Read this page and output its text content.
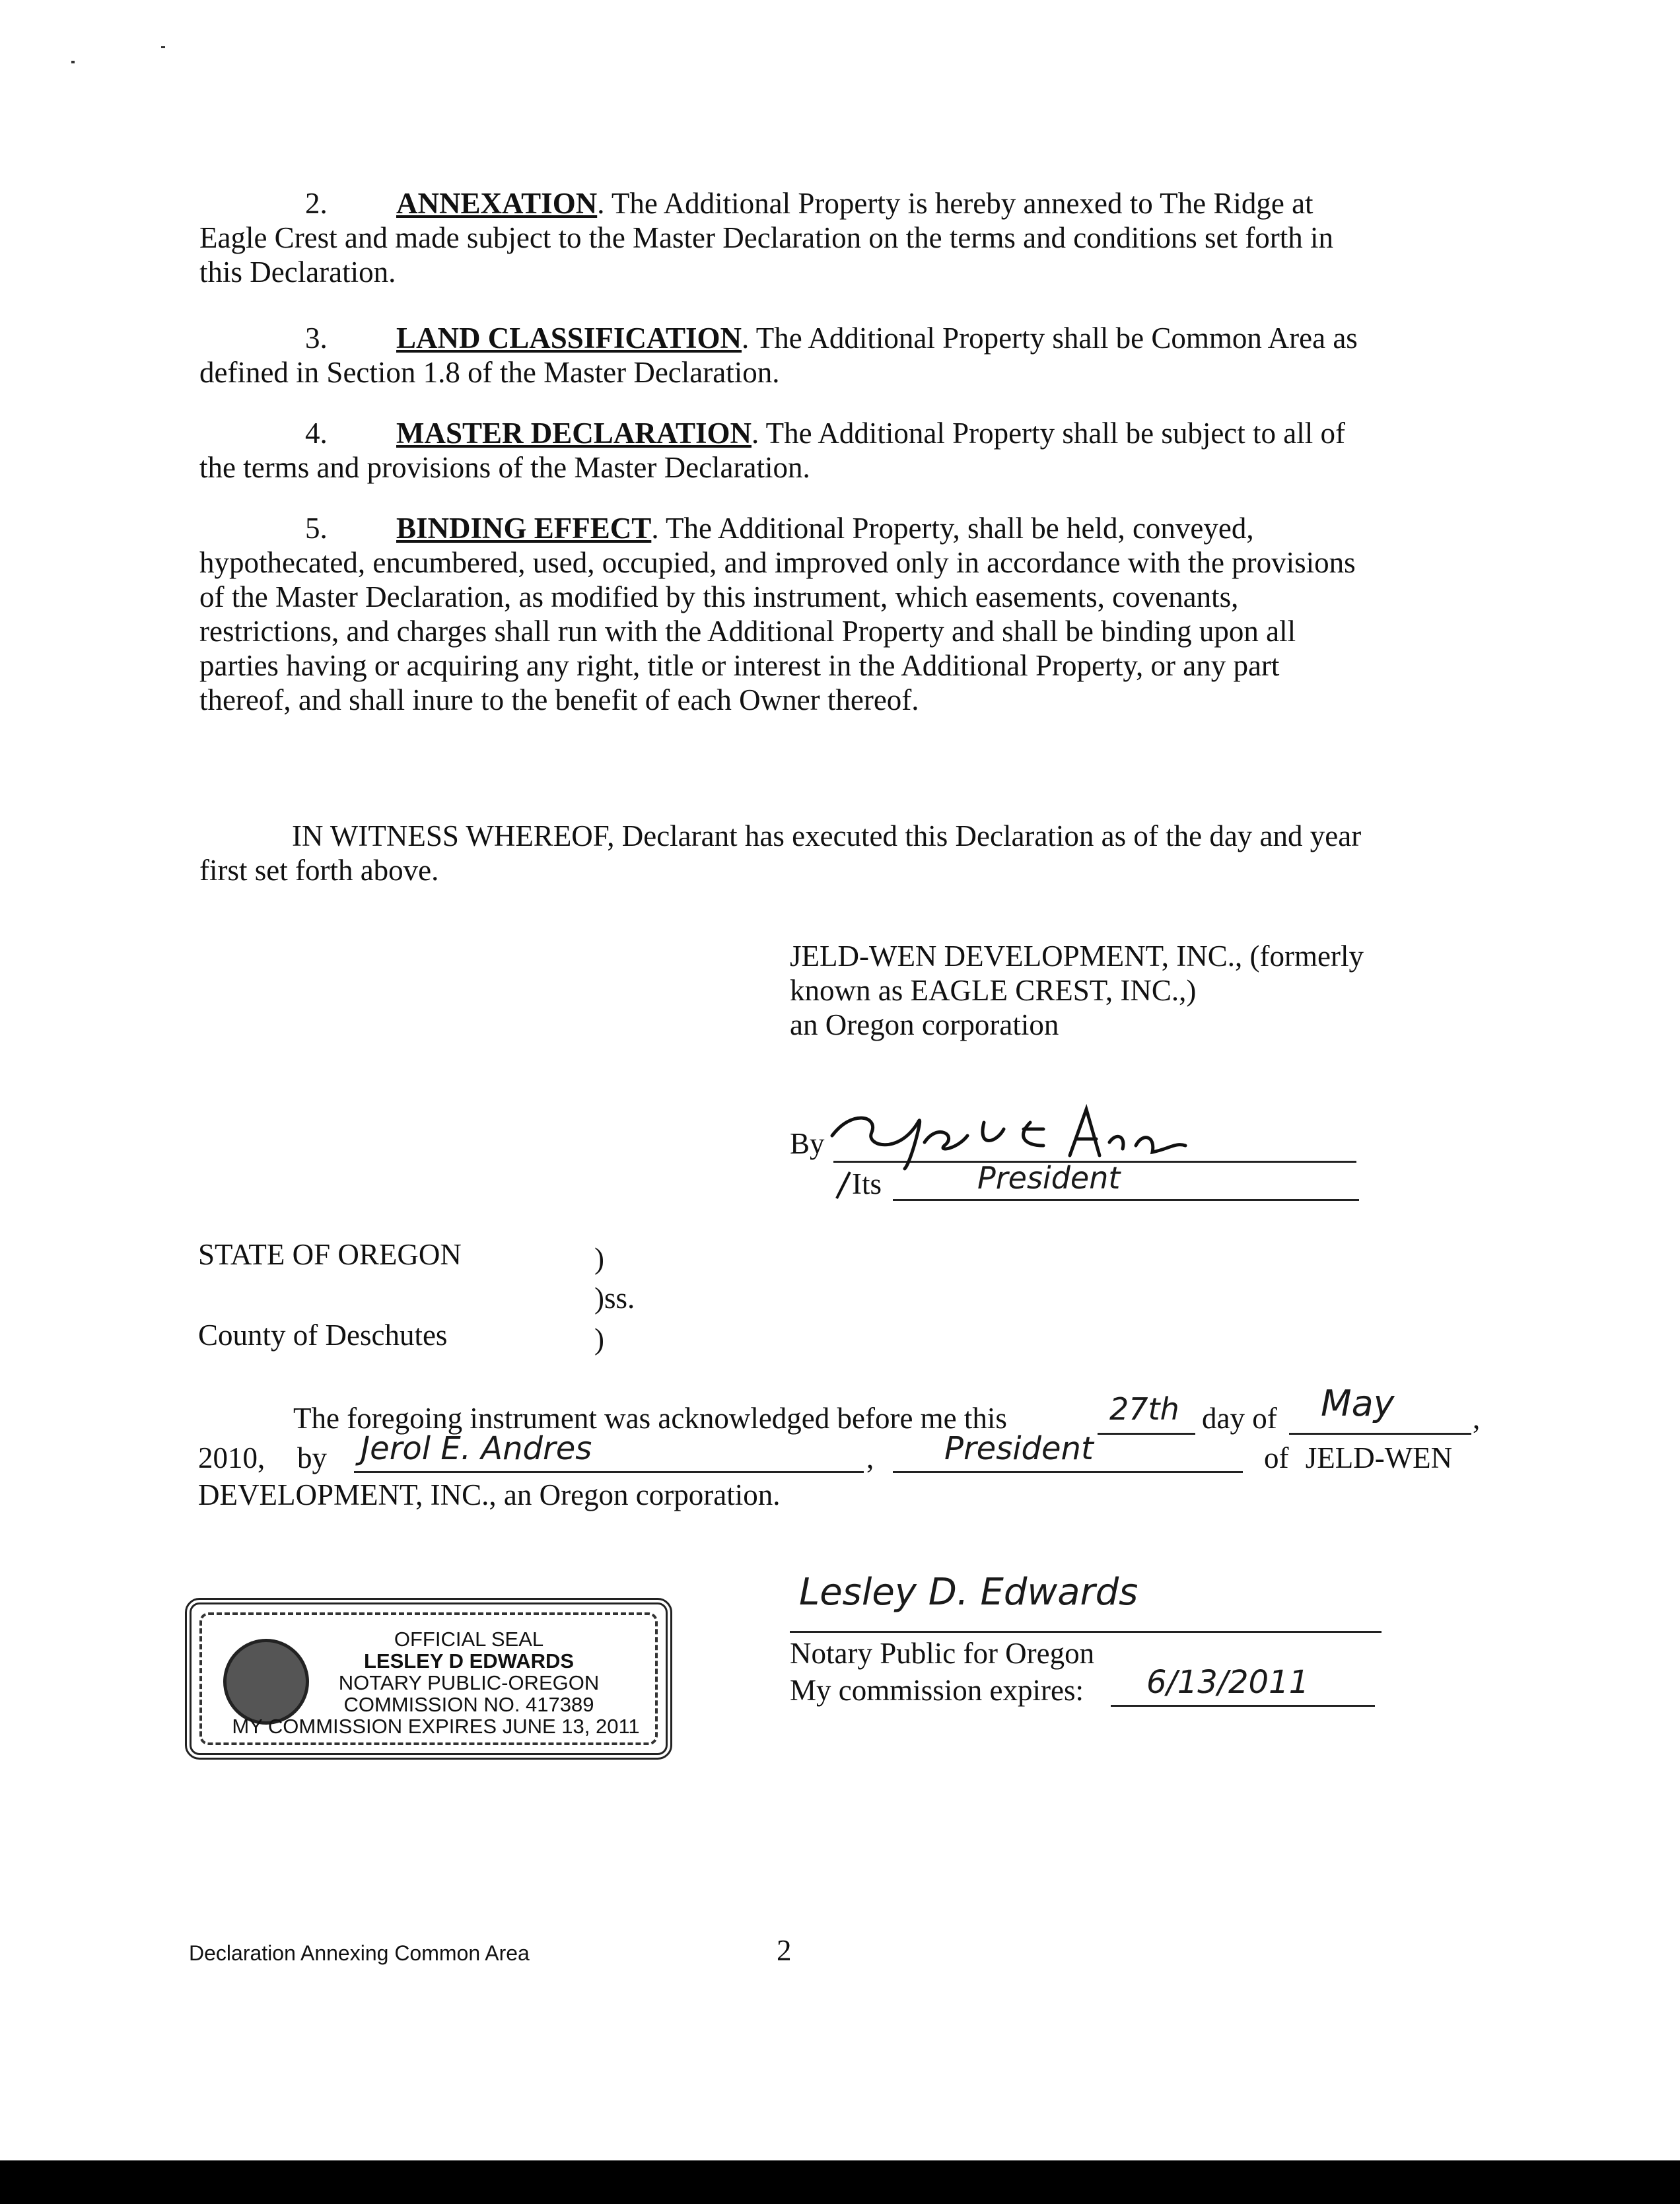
2. ANNEXATION. The Additional Property is hereby annexed to The Ridge at
Eagle Crest and made subject to the Master Declaration on the terms and conditions set forth in
this Declaration.
3. LAND CLASSIFICATION. The Additional Property shall be Common Area as
defined in Section 1.8 of the Master Declaration.
4. MASTER DECLARATION. The Additional Property shall be subject to all of
the terms and provisions of the Master Declaration.
5. BINDING EFFECT. The Additional Property, shall be held, conveyed,
hypothecated, encumbered, used, occupied, and improved only in accordance with the provisions
of the Master Declaration, as modified by this instrument, which easements, covenants,
restrictions, and charges shall run with the Additional Property and shall be binding upon all
parties having or acquiring any right, title or interest in the Additional Property, or any part
thereof, and shall inure to the benefit of each Owner thereof.
IN WITNESS WHEREOF, Declarant has executed this Declaration as of the day and year
first set forth above.
JELD-WEN DEVELOPMENT, INC., (formerly
known as EAGLE CREST, INC.,)
an Oregon corporation
By
Its	President
STATE OF OREGON
County of Deschutes
)
)ss.
)
The foregoing instrument was acknowledged before me this	27th day of May	,
2010, by Jerol E. Andres	, President	of JELD-WEN
DEVELOPMENT, INC., an Oregon corporation.
OFFICIAL SEAL
LESLEY D EDWARDS
NOTARY PUBLIC-OREGON
COMMISSION NO. 417389
MY COMMISSION EXPIRES JUNE 13, 2011
Lesley D. Edwards
Notary Public for Oregon
My commission expires: 6/13/2011
Declaration Annexing Common Area	2
